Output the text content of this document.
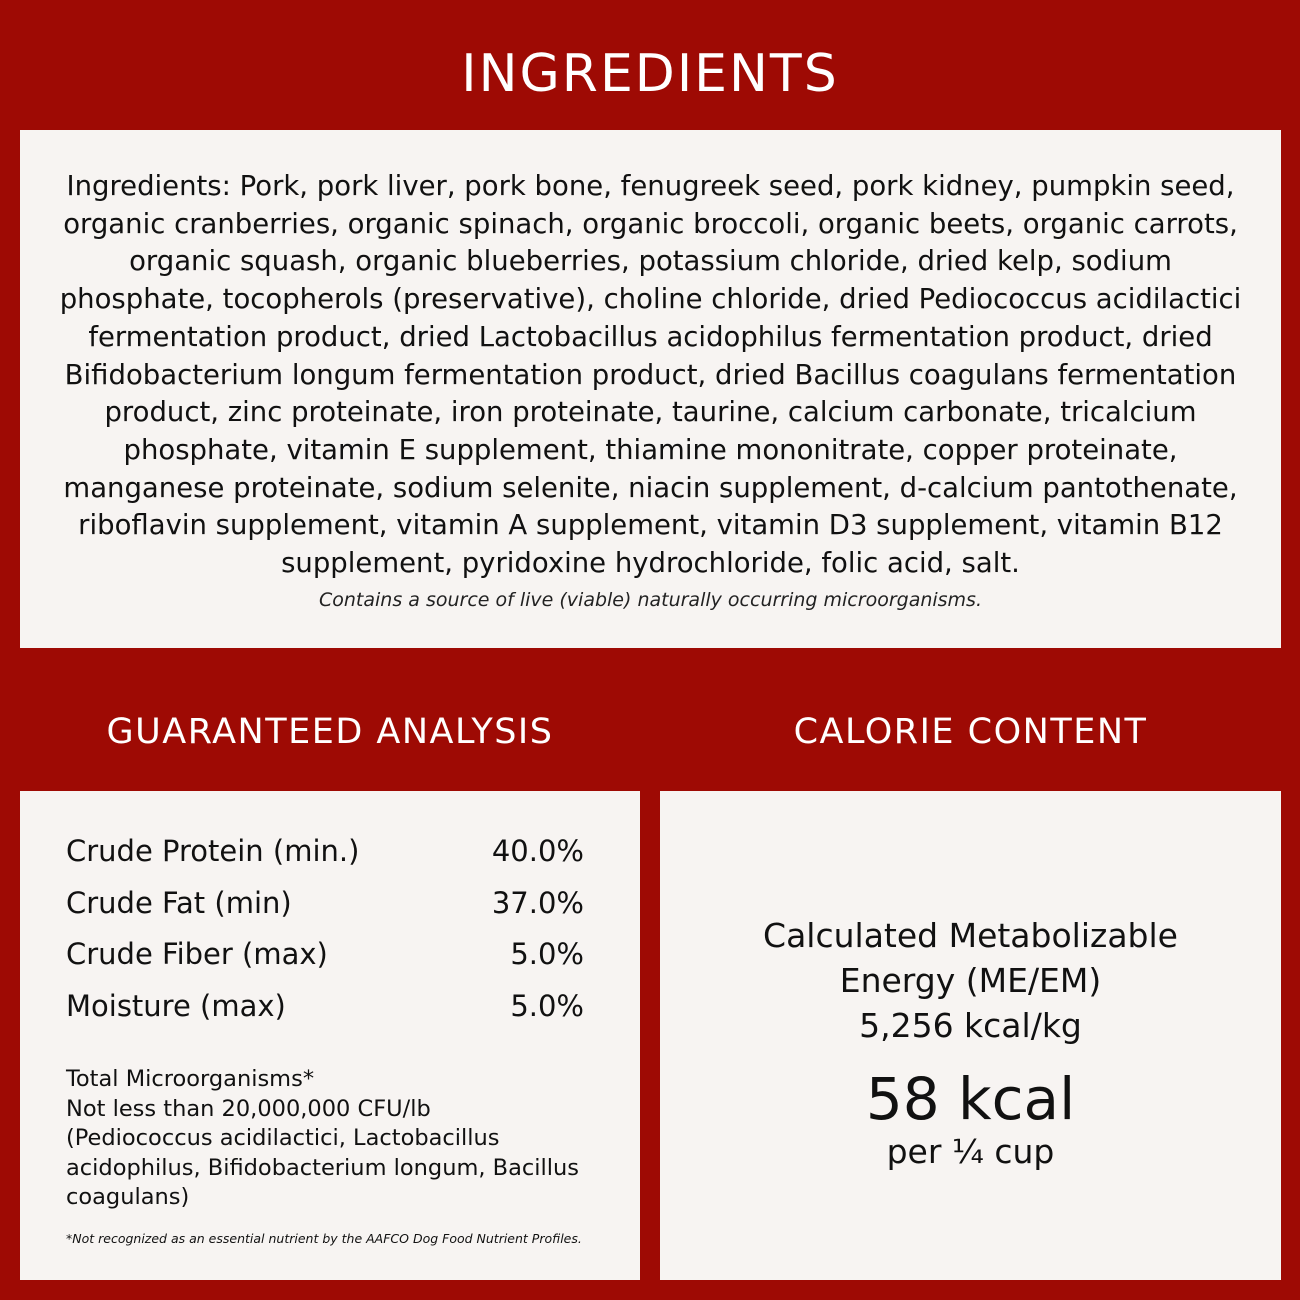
INGREDIENTS

Ingredients: Pork, pork liver, pork bone, fenugreek seed, pork kidney, pumpkin seed, organic cranberries, organic spinach, organic broccoli, organic beets, organic carrots, organic squash, organic blueberries, potassium chloride, dried kelp, sodium phosphate, tocopherols (preservative), choline chloride, dried Pediococcus acidilactici fermentation product, dried Lactobacillus acidophilus fermentation product, dried Bifidobacterium longum fermentation product, dried Bacillus coagulans fermentation product, zinc proteinate, iron proteinate, taurine, calcium carbonate, tricalcium phosphate, vitamin E supplement, thiamine mononitrate, copper proteinate, manganese proteinate, sodium selenite, niacin supplement, d-calcium pantothenate, riboflavin supplement, vitamin A supplement, vitamin D3 supplement, vitamin B12 supplement, pyridoxine hydrochloride, folic acid, salt.

Contains a source of live (viable) naturally occurring microorganisms.
GUARANTEED ANALYSIS	CALORIE CONTENT
Crude Protein (min.)	40.0%
Crude Fat (min)	37.0%
Crude Fiber (max)	5.0%
Moisture (max)	5.0%
Total Microorganisms*
Not less than 20,000,000 CFU/lb (Pediococcus acidilactici, Lactobacillus acidophilus, Bifidobacterium longum, Bacillus coagulans)
*Not recognized as an essential nutrient by the AAFCO Dog Food Nutrient Profiles.
Calculated Metabolizable
Energy (ME/EM)
5,256 kcal/kg
58 kcal
per ¼ cup
